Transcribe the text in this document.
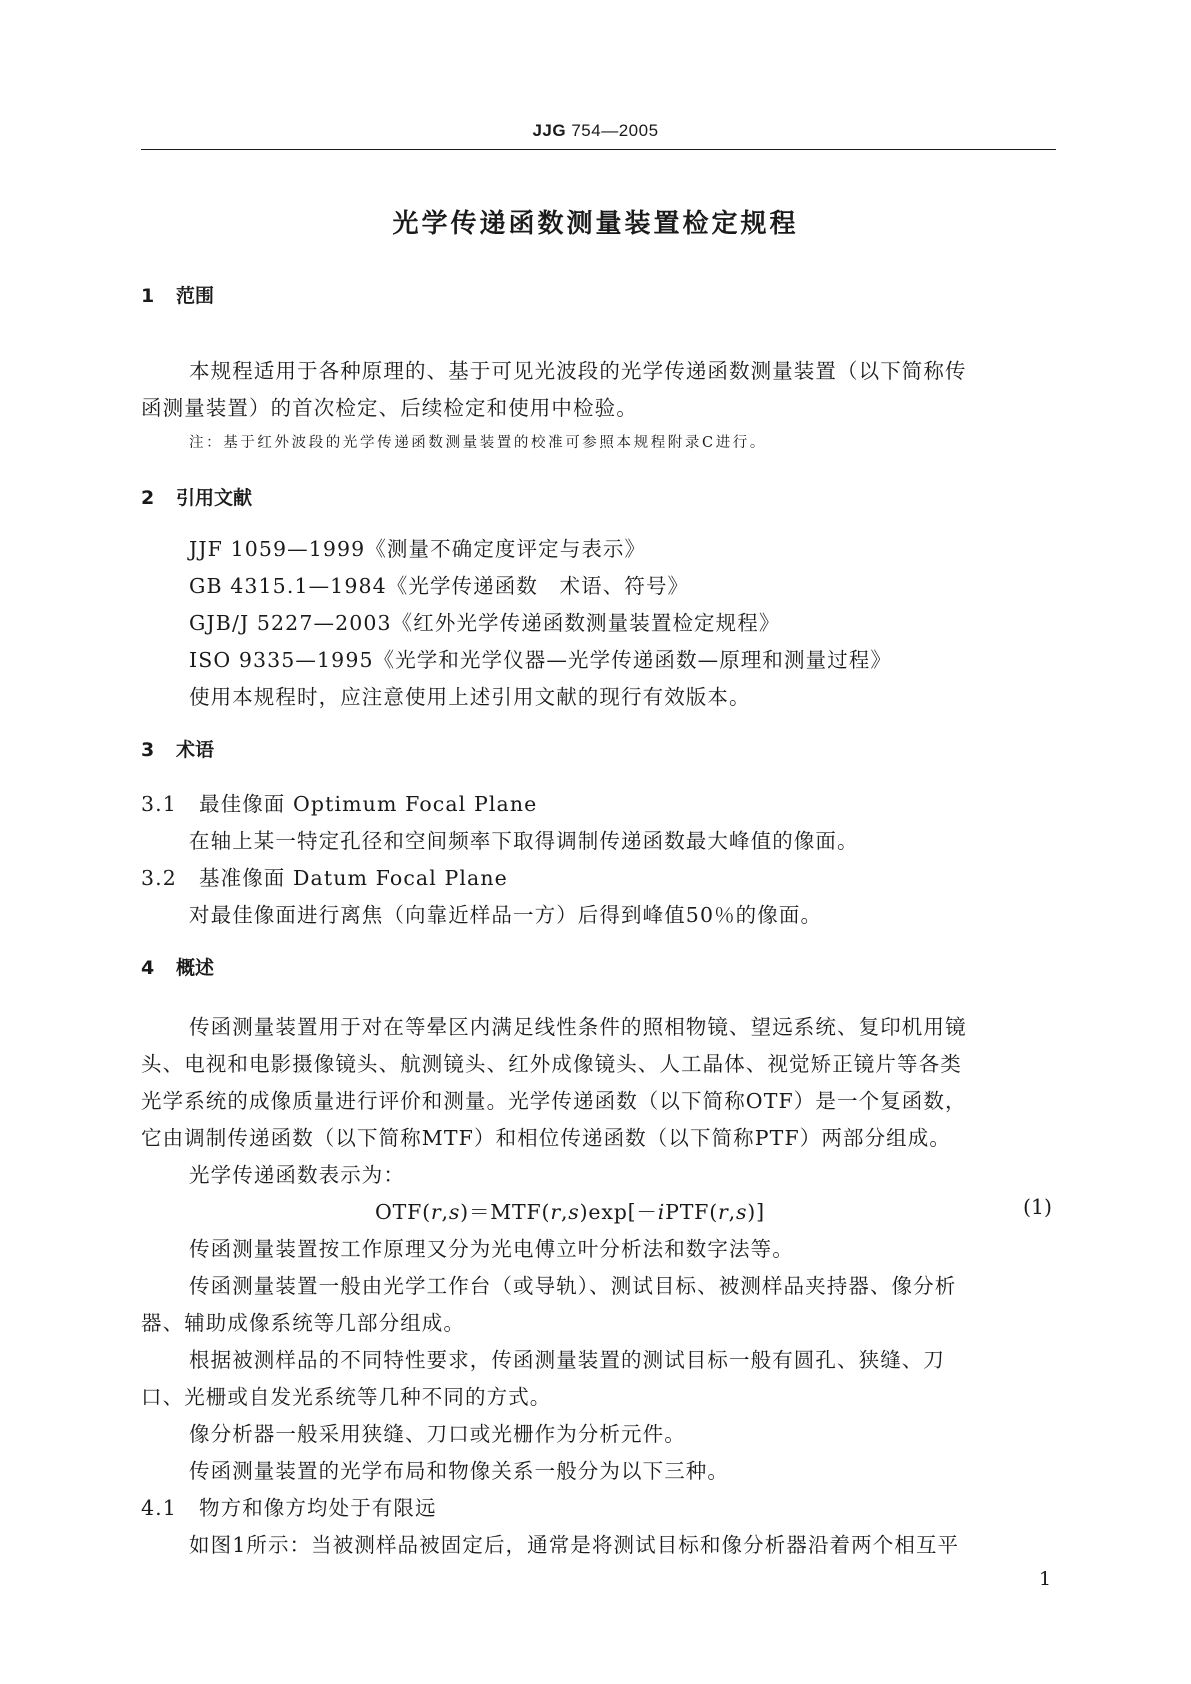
JJG 754—2005
光学传递函数测量装置检定规程
1 范围
本规程适用于各种原理的、基于可见光波段的光学传递函数测量装置（以下简称传
函测量装置）的首次检定、后续检定和使用中检验。
注：基于红外波段的光学传递函数测量装置的校准可参照本规程附录C进行。
2 引用文献
JJF 1059—1999《测量不确定度评定与表示》
GB 4315.1—1984《光学传递函数　术语、符号》
GJB/J 5227—2003《红外光学传递函数测量装置检定规程》
ISO 9335—1995《光学和光学仪器—光学传递函数—原理和测量过程》
使用本规程时，应注意使用上述引用文献的现行有效版本。
3 术语
3.1 最佳像面 Optimum Focal Plane
在轴上某一特定孔径和空间频率下取得调制传递函数最大峰值的像面。
3.2 基准像面 Datum Focal Plane
对最佳像面进行离焦（向靠近样品一方）后得到峰值50％的像面。
4 概述
传函测量装置用于对在等晕区内满足线性条件的照相物镜、望远系统、复印机用镜
头、电视和电影摄像镜头、航测镜头、红外成像镜头、人工晶体、视觉矫正镜片等各类
光学系统的成像质量进行评价和测量。光学传递函数（以下简称OTF）是一个复函数，
它由调制传递函数（以下简称MTF）和相位传递函数（以下简称PTF）两部分组成。
光学传递函数表示为：
OTF(r,s)＝MTF(r,s)exp[－iPTF(r,s)]	(1)
传函测量装置按工作原理又分为光电傅立叶分析法和数字法等。
传函测量装置一般由光学工作台（或导轨）、测试目标、被测样品夹持器、像分析
器、辅助成像系统等几部分组成。
根据被测样品的不同特性要求，传函测量装置的测试目标一般有圆孔、狭缝、刀
口、光栅或自发光系统等几种不同的方式。
像分析器一般采用狭缝、刀口或光栅作为分析元件。
传函测量装置的光学布局和物像关系一般分为以下三种。
4.1 物方和像方均处于有限远
如图1所示：当被测样品被固定后，通常是将测试目标和像分析器沿着两个相互平
1
